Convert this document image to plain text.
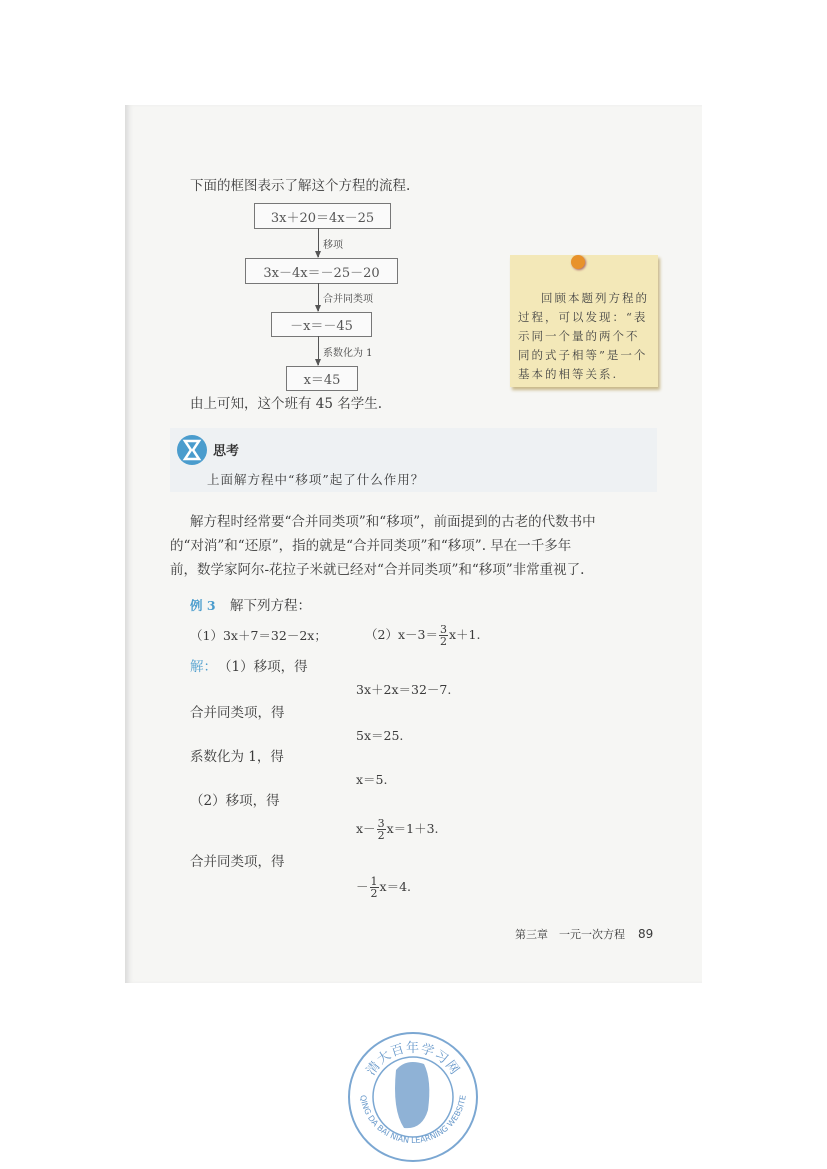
下面的框图表示了解这个方程的流程.
3x＋20＝4x－25
移项
3x－4x＝－25－20
合并同类项
－x＝－45
系数化为 1
x＝45
回顾本题列方程的过程，可以发现：“表示同一个量的两个不同的式子相等”是一个基本的相等关系.
由上可知，这个班有 45 名学生.
思考
上面解方程中“移项”起了什么作用？
解方程时经常要“合并同类项”和“移项”，前面提到的古老的代数书中
的“对消”和“还原”，指的就是“合并同类项”和“移项”. 早在一千多年
前，数学家阿尔-花拉子米就已经对“合并同类项”和“移项”非常重视了.
例 3 解下列方程：
（1）3x＋7＝32－2x；	$(2)x-3= \frac{3}{2} x+1$.
解： （1）移项，得
3x＋2x＝32－7.
合并同类项，得
5x＝25.
系数化为 1，得
x＝5.
（2）移项，得
$x- \frac{3}{2} x=1+3$.
合并同类项，得
－ $\frac{1}{2} x=4$.
第三章　一元一次方程 89
清大百年学习网
QING DA BAI NIAN LEARNING WEBSITE
